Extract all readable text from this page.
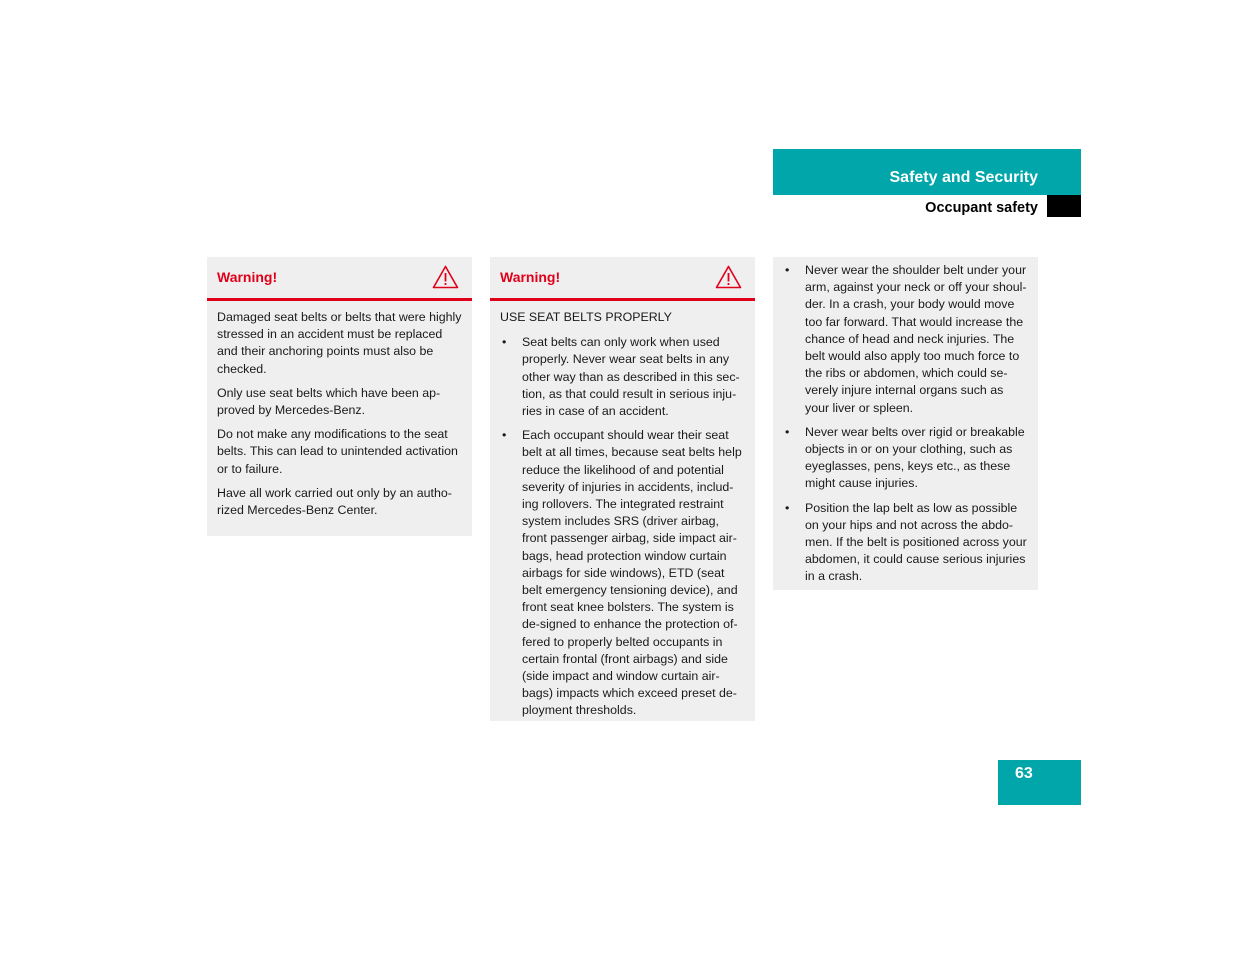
Safety and Security
Occupant safety
Warning!

Damaged seat belts or belts that were highly stressed in an accident must be replaced and their anchoring points must also be checked.

Only use seat belts which have been ap-proved by Mercedes-Benz.

Do not make any modifications to the seat belts. This can lead to unintended activation or to failure.

Have all work carried out only by an autho-rized Mercedes-Benz Center.

Warning!
USE SEAT BELTS PROPERLY
• Seat belts can only work when used properly. Never wear seat belts in any other way than as described in this sec-tion, as that could result in serious inju-ries in case of an accident.
• Each occupant should wear their seat belt at all times, because seat belts help reduce the likelihood of and potential severity of injuries in accidents, includ-ing rollovers. The integrated restraint system includes SRS (driver airbag, front passenger airbag, side impact air-bags, head protection window curtain airbags for side windows), ETD (seat belt emergency tensioning device), and front seat knee bolsters. The system is de-signed to enhance the protection of-fered to properly belted occupants in certain frontal (front airbags) and side (side impact and window curtain air-bags) impacts which exceed preset de-ployment thresholds.
• Never wear the shoulder belt under your arm, against your neck or off your shoul-der. In a crash, your body would move too far forward. That would increase the chance of head and neck injuries. The belt would also apply too much force to the ribs or abdomen, which could se-verely injure internal organs such as your liver or spleen.
• Never wear belts over rigid or breakable objects in or on your clothing, such as eyeglasses, pens, keys etc., as these might cause injuries.
• Position the lap belt as low as possible on your hips and not across the abdo-men. If the belt is positioned across your abdomen, it could cause serious injuries in a crash.
63
